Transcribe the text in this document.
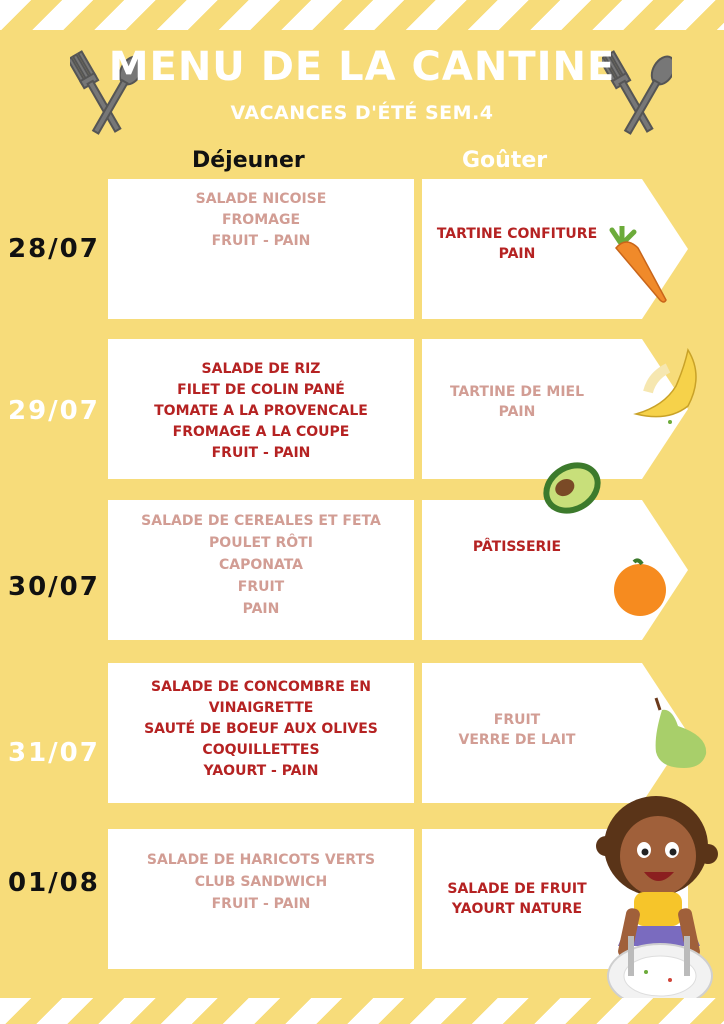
MENU DE LA CANTINE
VACANCES D'ÉTÉ SEM.4
Déjeuner	Goûter
28/07
SALADE NICOISE
FROMAGE
FRUIT - PAIN	TARTINE CONFITURE
PAIN
29/07
SALADE DE RIZ
FILET DE COLIN PANÉ
TOMATE A LA PROVENCALE
FROMAGE A LA COUPE
FRUIT - PAIN
TARTINE DE MIEL
PAIN
30/07
SALADE DE CEREALES ET FETA
POULET RÔTI
CAPONATA
FRUIT
PAIN
PÂTISSERIE
31/07
SALADE DE CONCOMBRE EN
VINAIGRETTE
SAUTÉ DE BOEUF AUX OLIVES
COQUILLETTES
YAOURT - PAIN
FRUIT
VERRE DE LAIT
01/08
SALADE DE HARICOTS VERTS
CLUB SANDWICH
FRUIT - PAIN
SALADE DE FRUIT
YAOURT NATURE
